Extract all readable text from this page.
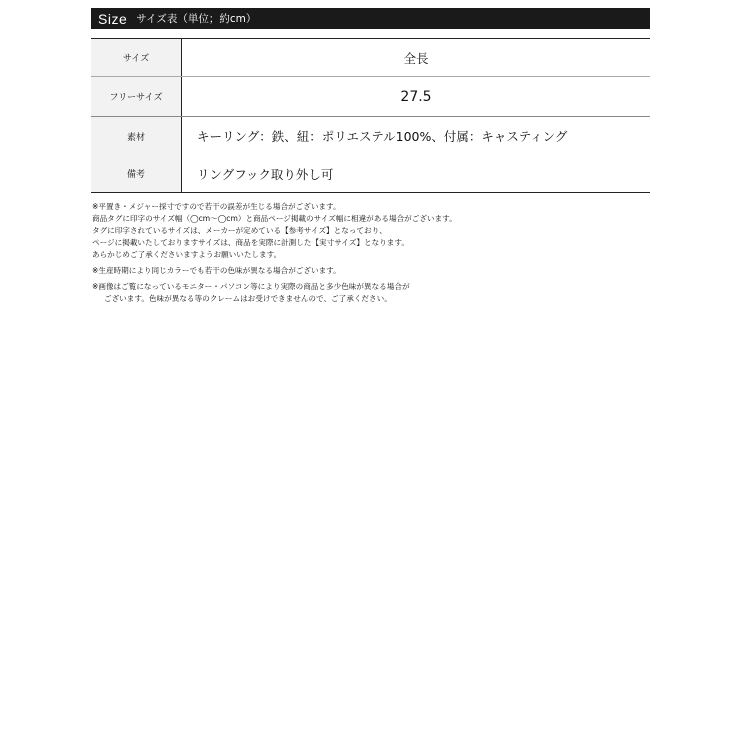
Size サイズ表（単位；約cm）
サイズ	全長
フリーサイズ	27.5
素材	キーリング：鉄、紐：ポリエステル100%、付属：キャスティング
備考	リングフック取り外し可

※平置き・メジャー採寸ですので若干の誤差が生じる場合がございます。

商品タグに印字のサイズ幅（◯cm〜◯cm）と商品ページ掲載のサイズ幅に相違がある場合がございます。

タグに印字されているサイズは、メーカーが定めている【参考サイズ】となっており、

ページに掲載いたしておりますサイズは、商品を実際に計測した【実寸サイズ】となります。

あらかじめご了承くださいますようお願いいたします。

※生産時期により同じカラーでも若干の色味が異なる場合がございます。

※画像はご覧になっているモニター・パソコン等により実際の商品と多少色味が異なる場合が

ございます。色味が異なる等のクレームはお受けできませんので、ご了承ください。
